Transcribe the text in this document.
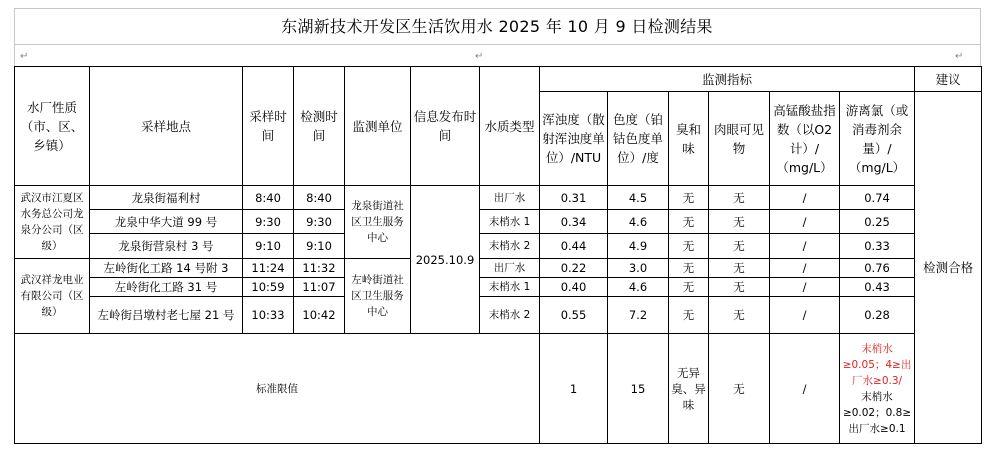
↵	↵	↵
东湖新技术开发区生活饮用水 2025 年 10 月 9 日检测结果
水厂性质（市、区、乡镇）	采样地点	采样时间	检测时间	监测单位	信息发布时间	水质类型	监测指标						建议
							浑浊度（散射浑浊度单位）/NTU	色度（铂钴色度单位）/度	臭和味	肉眼可见物	高锰酸盐指数（以O2计）/（mg/L）	游离氯（或消毒剂余量）/（mg/L）	检测合格
武汉市江夏区水务总公司龙泉分公司（区级）	龙泉街福利村	8:40	8:40	龙泉街道社区卫生服务中心	2025.10.9	出厂水	0.31	4.5	无	无	/	0.74	
	龙泉中华大道 99 号	9:30	9:30			末梢水 1	0.34	4.6	无	无	/	0.25	
	龙泉街营泉村 3 号	9:10	9:10			末梢水 2	0.44	4.9	无	无	/	0.33	
武汉祥龙电业有限公司（区级）	左岭街化工路 14 号附 3	11:24	11:32	左岭街道社区卫生服务中心		出厂水	0.22	3.0	无	无	/	0.76	
	左岭街化工路 31 号	10:59	11:07			末梢水 1	0.40	4.6	无	无	/	0.43	
	左岭街吕墩村老七屋 21 号	10:33	10:42			末梢水 2	0.55	7.2	无	无	/	0.28	
标准限值							1	15	无异臭、异味	无	/	末梢水≥0.05；4≥出厂水≥0.3/
末梢水≥0.02；0.8≥出厂水≥0.1	
